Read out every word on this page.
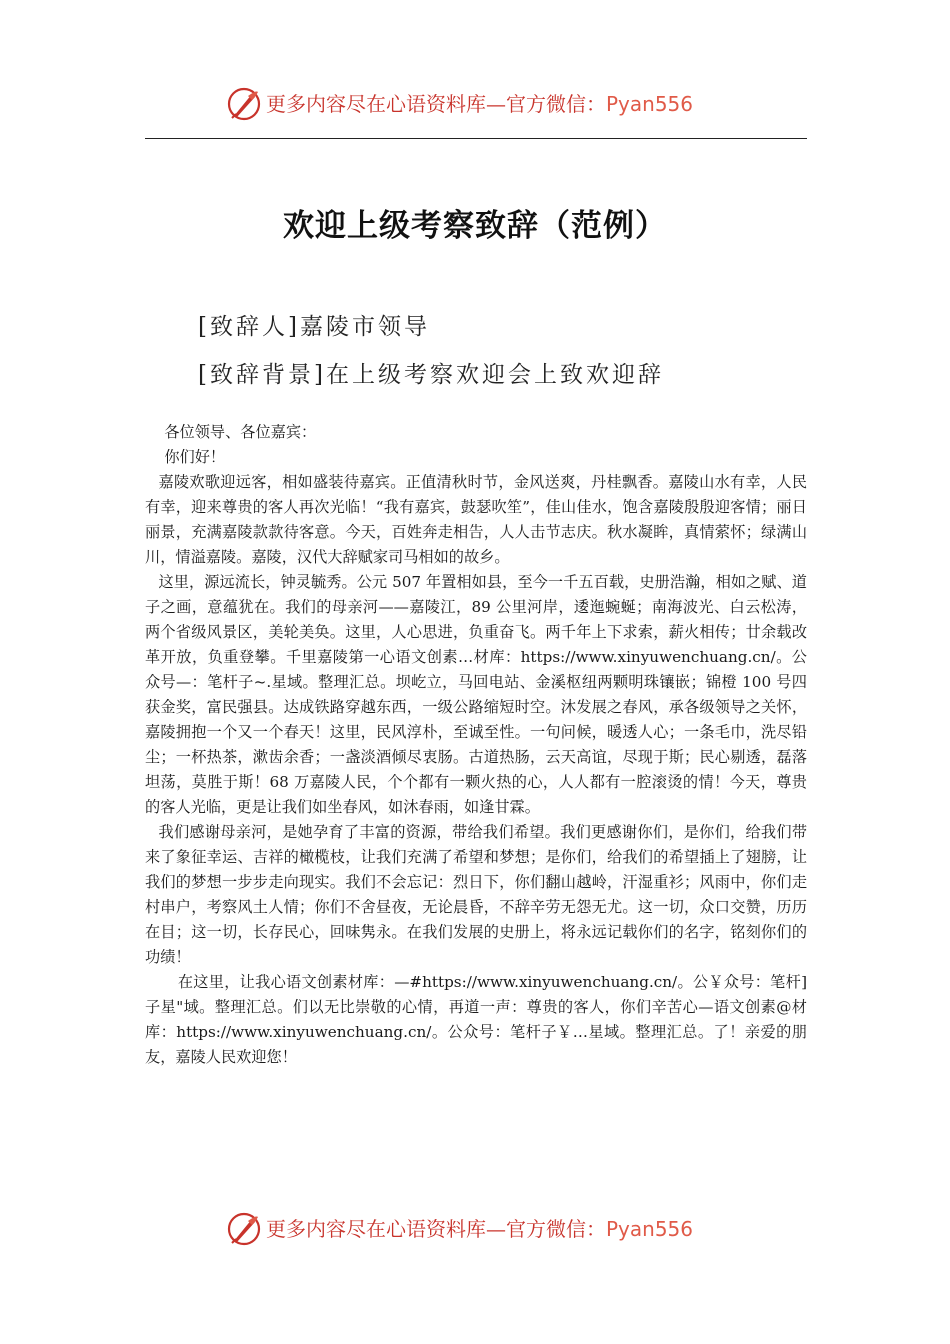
更多内容尽在心语资料库—官方微信：Pyan556
欢迎上级考察致辞（范例）
[致辞人]嘉陵市领导
[致辞背景]在上级考察欢迎会上致欢迎辞

各位领导、各位嘉宾：

你们好！

嘉陵欢歌迎远客，相如盛装待嘉宾。正值清秋时节，金风送爽，丹桂飘香。嘉陵山水有幸，人民有幸，迎来尊贵的客人再次光临！“我有嘉宾，鼓瑟吹笙”，佳山佳水，饱含嘉陵殷殷迎客情；丽日丽景，充满嘉陵款款待客意。今天，百姓奔走相告，人人击节志庆。秋水凝眸，真情萦怀；绿满山川，情溢嘉陵。嘉陵，汉代大辞赋家司马相如的故乡。

这里，源远流长，钟灵毓秀。公元 507 年置相如县，至今一千五百载，史册浩瀚，相如之赋、道子之画，意蕴犹在。我们的母亲河——嘉陵江，89 公里河岸，逶迤蜿蜒；南海波光、白云松涛，两个省级风景区，美轮美奂。这里，人心思进，负重奋飞。两千年上下求索，薪火相传；廿余载改革开放，负重登攀。千里嘉陵第一心语文创素…材库：https://www.xinyuwenchuang.cn/。公众号—：笔杆子~.星域。整理汇总。坝屹立，马回电站、金溪枢纽两颗明珠镶嵌；锦橙 100 号四获金奖，富民强县。达成铁路穿越东西，一级公路缩短时空。沐发展之春风，承各级领导之关怀，嘉陵拥抱一个又一个春天！这里，民风淳朴，至诚至性。一句问候，暖透人心；一条毛巾，洗尽铅尘；一杯热茶，漱齿余香；一盏淡酒倾尽衷肠。古道热肠，云天高谊，尽现于斯；民心剔透，磊落坦荡，莫胜于斯！68 万嘉陵人民，个个都有一颗火热的心，人人都有一腔滚烫的情！今天，尊贵的客人光临，更是让我们如坐春风，如沐春雨，如逢甘霖。

我们感谢母亲河，是她孕育了丰富的资源，带给我们希望。我们更感谢你们，是你们，给我们带来了象征幸运、吉祥的橄榄枝，让我们充满了希望和梦想；是你们，给我们的希望插上了翅膀，让我们的梦想一步步走向现实。我们不会忘记：烈日下，你们翻山越岭，汗湿重衫；风雨中，你们走村串户，考察风土人情；你们不舍昼夜，无论晨昏，不辞辛劳无怨无尤。这一切，众口交赞，历历在目；这一切，长存民心，回味隽永。在我们发展的史册上，将永远记载你们的名字，铭刻你们的功绩！

在这里，让我心语文创素材库：—#https://www.xinyuwenchuang.cn/。公￥众号：笔杆]子星"域。整理汇总。们以无比崇敬的心情，再道一声：尊贵的客人，你们辛苦心—语文创素@材库：https://www.xinyuwenchuang.cn/。公众号：笔杆子￥…星域。整理汇总。了！亲爱的朋友，嘉陵人民欢迎您！

更多内容尽在心语资料库—官方微信：Pyan556
